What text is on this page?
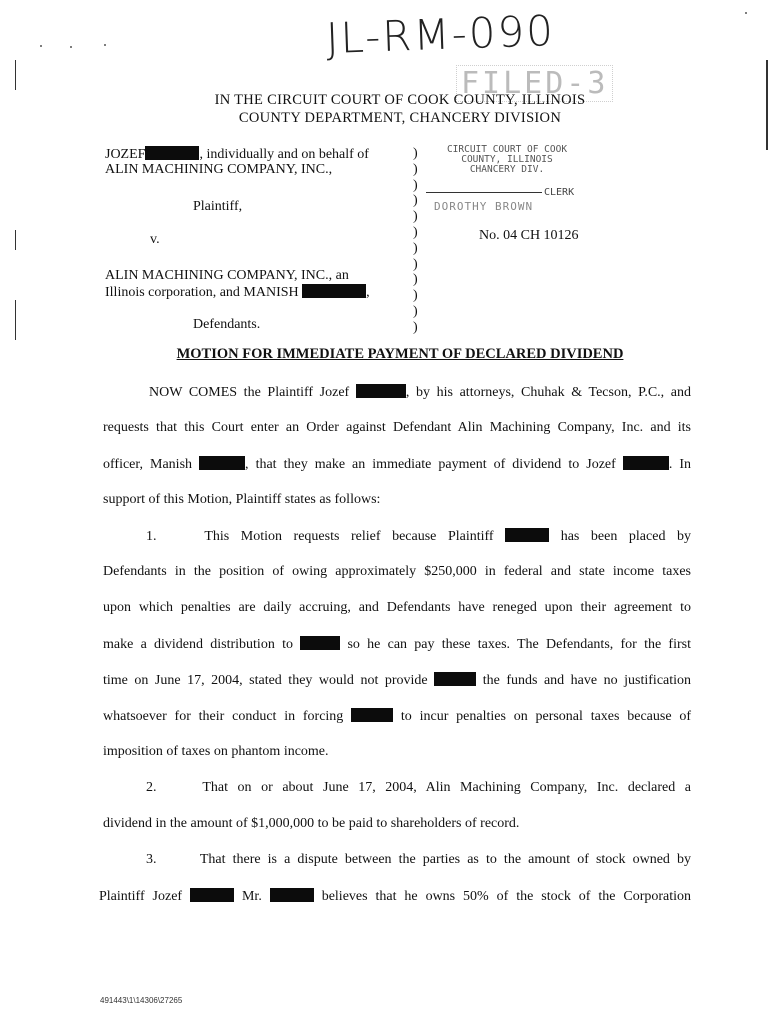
JL-RM-090
FILED-3
IN THE CIRCUIT COURT OF COOK COUNTY, ILLINOIS
COUNTY DEPARTMENT, CHANCERY DIVISION
JOZEF	, individually and on behalf of
ALIN MACHINING COMPANY, INC.,
Plaintiff,
v.
ALIN MACHINING COMPANY, INC., an
Illinois corporation, and MANISH	,
Defendants.
)
)
)
)
)
)
)
)
)
)
)
)
CIRCUIT COURT OF COOK
COUNTY, ILLINOIS
CHANCERY DIV.
CLERK
DOROTHY BROWN
No. 04 CH 10126
MOTION FOR IMMEDIATE PAYMENT OF DECLARED DIVIDEND
NOW COMES the Plaintiff Jozef	, by his attorneys, Chuhak & Tecson, P.C., and
requests that this Court enter an Order against Defendant Alin Machining Company, Inc. and its
officer, Manish	, that they make an immediate payment of dividend to Jozef	. In
support of this Motion, Plaintiff states as follows:
1.	This Motion requests relief because Plaintiff	has been placed by
Defendants in the position of owing approximately $250,000 in federal and state income taxes
upon which penalties are daily accruing, and Defendants have reneged upon their agreement to
make a dividend distribution to	so he can pay these taxes. The Defendants, for the first
time on June 17, 2004, stated they would not provide	the funds and have no justification
whatsoever for their conduct in forcing	to incur penalties on personal taxes because of
imposition of taxes on phantom income.
2.	That on or about June 17, 2004, Alin Machining Company, Inc. declared a
dividend in the amount of $1,000,000 to be paid to shareholders of record.
3.	That there is a dispute between the parties as to the amount of stock owned by
Plaintiff Jozef	Mr.	believes that he owns 50% of the stock of the Corporation
491443\1\14306\27265
